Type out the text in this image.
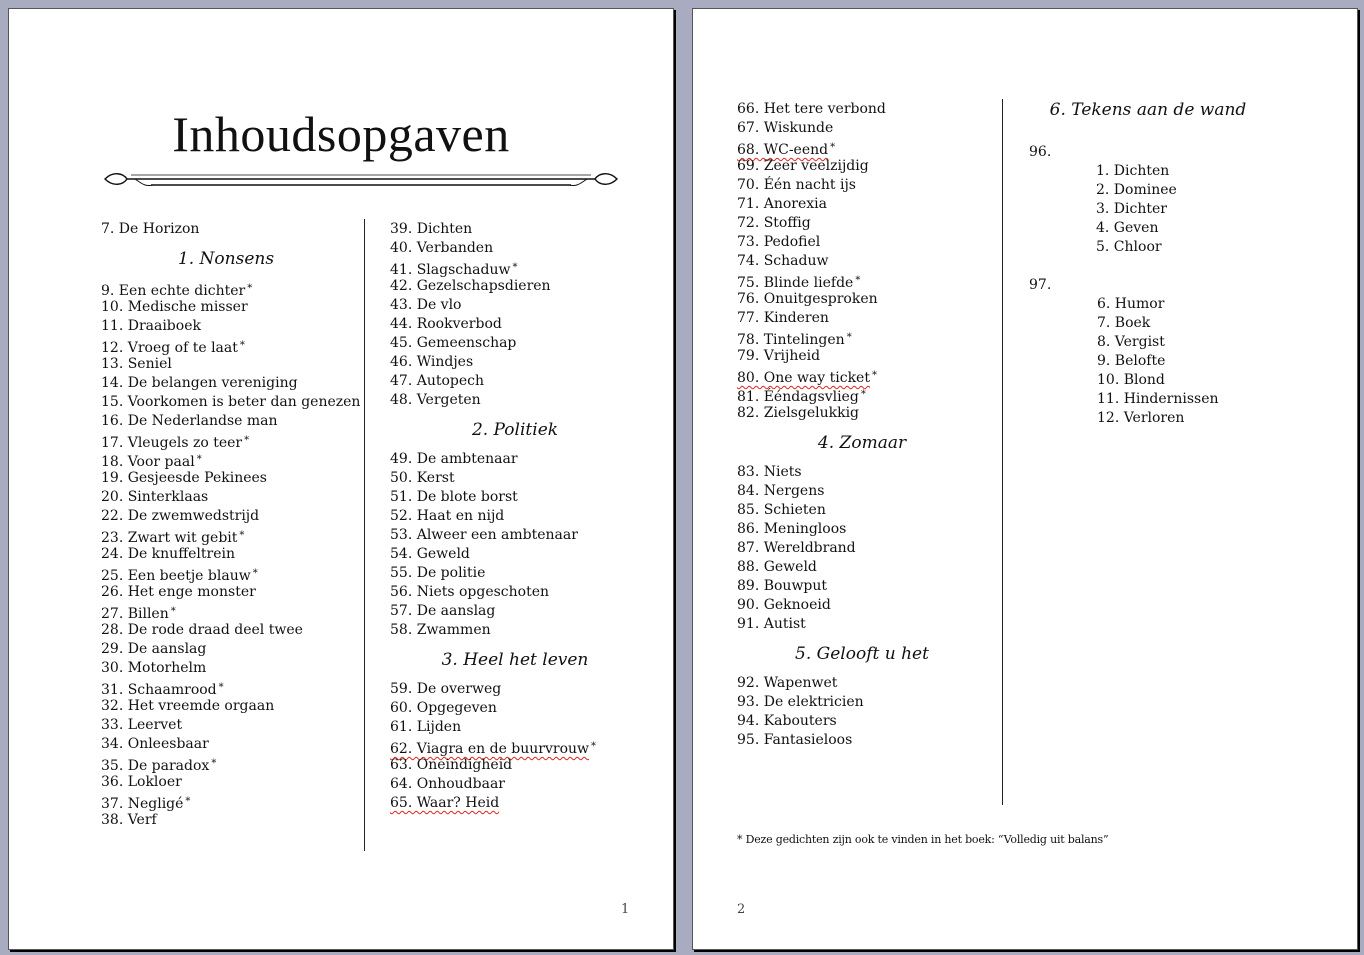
Inhoudsopgaven
7. De Horizon
1. Nonsens
9. Een echte dichter *
10. Medische misser
11. Draaiboek
12. Vroeg of te laat *
13. Seniel
14. De belangen vereniging
15. Voorkomen is beter dan genezen
16. De Nederlandse man
17. Vleugels zo teer *
18. Voor paal *
19. Gesjeesde Pekinees
20. Sinterklaas
22. De zwemwedstrijd
23. Zwart wit gebit *
24. De knuffeltrein
25. Een beetje blauw *
26. Het enge monster
27. Billen *
28. De rode draad deel twee
29. De aanslag
30. Motorhelm
31. Schaamrood *
32. Het vreemde orgaan
33. Leervet
34. Onleesbaar
35. De paradox *
36. Lokloer
37. Negligé *
38. Verf
39. Dichten
40. Verbanden
41. Slagschaduw *
42. Gezelschapsdieren
43. De vlo
44. Rookverbod
45. Gemeenschap
46. Windjes
47. Autopech
48. Vergeten
2. Politiek
49. De ambtenaar
50. Kerst
51. De blote borst
52. Haat en nijd
53. Alweer een ambtenaar
54. Geweld
55. De politie
56. Niets opgeschoten
57. De aanslag
58. Zwammen
3. Heel het leven
59. De overweg
60. Opgegeven
61. Lijden
62. Viagra en de buurvrouw *
63. Oneindigheid
64. Onhoudbaar
65. Waar? Heid
1
66. Het tere verbond
67. Wiskunde
68. WC-eend *
69. Zeer veelzijdig
70. Één nacht ijs
71. Anorexia
72. Stoffig
73. Pedofiel
74. Schaduw
75. Blinde liefde *
76. Onuitgesproken
77. Kinderen
78. Tintelingen *
79. Vrijheid
80. One way ticket *
81. Ééndagsvlieg *
82. Zielsgelukkig
4. Zomaar
83. Niets
84. Nergens
85. Schieten
86. Meningloos
87. Wereldbrand
88. Geweld
89. Bouwput
90. Geknoeid
91. Autist
5. Gelooft u het
92. Wapenwet
93. De elektricien
94. Kabouters
95. Fantasieloos
6. Tekens aan de wand
96.
1. Dichten
2. Dominee
3. Dichter
4. Geven
5. Chloor
97.
6. Humor
7. Boek
8. Vergist
9. Belofte
10. Blond
11. Hindernissen
12. Verloren
* Deze gedichten zijn ook te vinden in het boek: “Volledig uit balans”
2
